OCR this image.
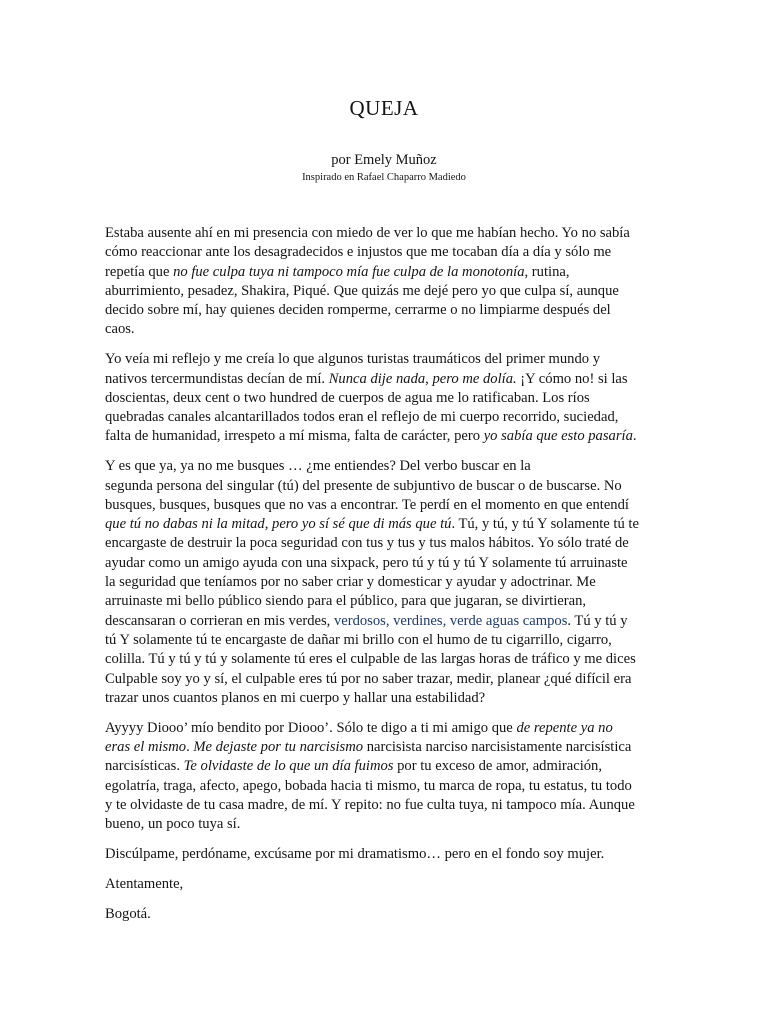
QUEJA
por Emely Muñoz
Inspirado en Rafael Chaparro Madiedo

Estaba ausente ahí en mi presencia con miedo de ver lo que me habían hecho. Yo no sabía
cómo reaccionar ante los desagradecidos e injustos que me tocaban día a día y sólo me
repetía que no fue culpa tuya ni tampoco mía fue culpa de la monotonía, rutina,
aburrimiento, pesadez, Shakira, Piqué. Que quizás me dejé pero yo que culpa sí, aunque
decido sobre mí, hay quienes deciden romperme, cerrarme o no limpiarme después del
caos.

Yo veía mi reflejo y me creía lo que algunos turistas traumáticos del primer mundo y
nativos tercermundistas decían de mí. Nunca dije nada, pero me dolía. ¡Y cómo no! si las
doscientas, deux cent o two hundred de cuerpos de agua me lo ratificaban. Los ríos
quebradas canales alcantarillados todos eran el reflejo de mi cuerpo recorrido, suciedad,
falta de humanidad, irrespeto a mí misma, falta de carácter, pero yo sabía que esto pasaría.

Y es que ya, ya no me busques … ¿me entiendes? Del verbo buscar en la
segunda persona del singular (tú) del presente de subjuntivo de buscar o de buscarse. No
busques, busques, busques que no vas a encontrar. Te perdí en el momento en que entendí
que tú no dabas ni la mitad, pero yo sí sé que di más que tú. Tú, y tú, y tú Y solamente tú te
encargaste de destruir la poca seguridad con tus y tus y tus malos hábitos. Yo sólo traté de
ayudar como un amigo ayuda con una sixpack, pero tú y tú y tú Y solamente tú arruinaste
la seguridad que teníamos por no saber criar y domesticar y ayudar y adoctrinar. Me
arruinaste mi bello público siendo para el público, para que jugaran, se divirtieran,
descansaran o corrieran en mis verdes, verdosos, verdines, verde aguas campos. Tú y tú y
tú Y solamente tú te encargaste de dañar mi brillo con el humo de tu cigarrillo, cigarro,
colilla. Tú y tú y tú y solamente tú eres el culpable de las largas horas de tráfico y me dices
Culpable soy yo y sí, el culpable eres tú por no saber trazar, medir, planear ¿qué difícil era
trazar unos cuantos planos en mi cuerpo y hallar una estabilidad?

Ayyyy Diooo’ mío bendito por Diooo’. Sólo te digo a ti mi amigo que de repente ya no
eras el mismo. Me dejaste por tu narcisismo narcisista narciso narcisistamente narcisística
narcisísticas. Te olvidaste de lo que un día fuimos por tu exceso de amor, admiración,
egolatría, traga, afecto, apego, bobada hacia ti mismo, tu marca de ropa, tu estatus, tu todo
y te olvidaste de tu casa madre, de mí. Y repito: no fue culta tuya, ni tampoco mía. Aunque
bueno, un poco tuya sí.

Discúlpame, perdóname, excúsame por mi dramatismo… pero en el fondo soy mujer.

Atentamente,

Bogotá.
